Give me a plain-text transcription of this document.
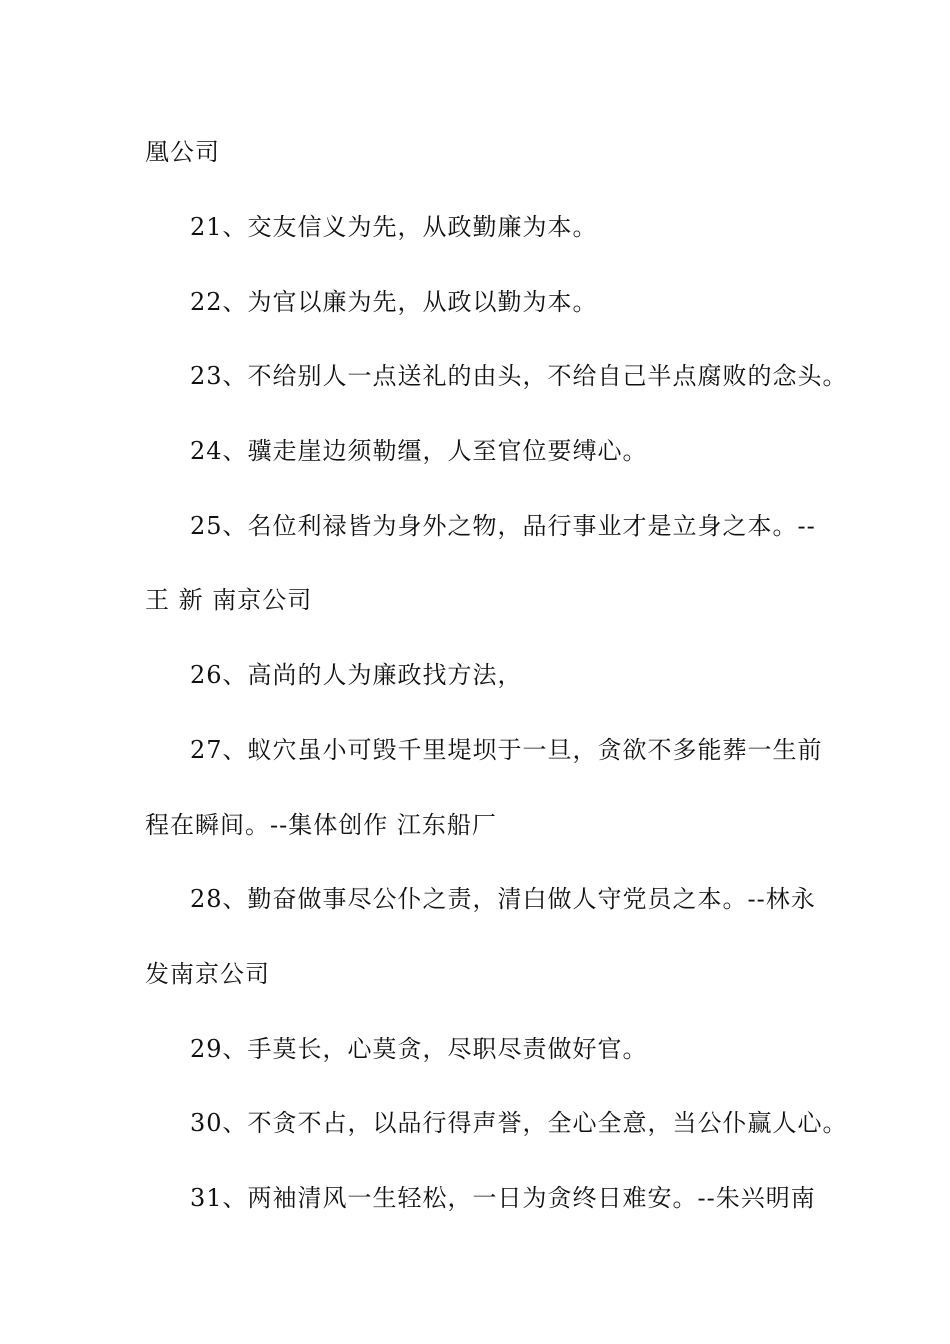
凰公司
21、交友信义为先，从政勤廉为本。
22、为官以廉为先，从政以勤为本。
23、不给别人一点送礼的由头，不给自己半点腐败的念头。
24、骥走崖边须勒缰，人至官位要缚心。
25、名位利禄皆为身外之物，品行事业才是立身之本。--
王 新 南京公司
26、高尚的人为廉政找方法，
27、蚁穴虽小可毁千里堤坝于一旦，贪欲不多能葬一生前
程在瞬间。--集体创作 江东船厂
28、勤奋做事尽公仆之责，清白做人守党员之本。--林永
发南京公司
29、手莫长，心莫贪，尽职尽责做好官。
30、不贪不占，以品行得声誉，全心全意，当公仆赢人心。
31、两袖清风一生轻松，一日为贪终日难安。--朱兴明南
